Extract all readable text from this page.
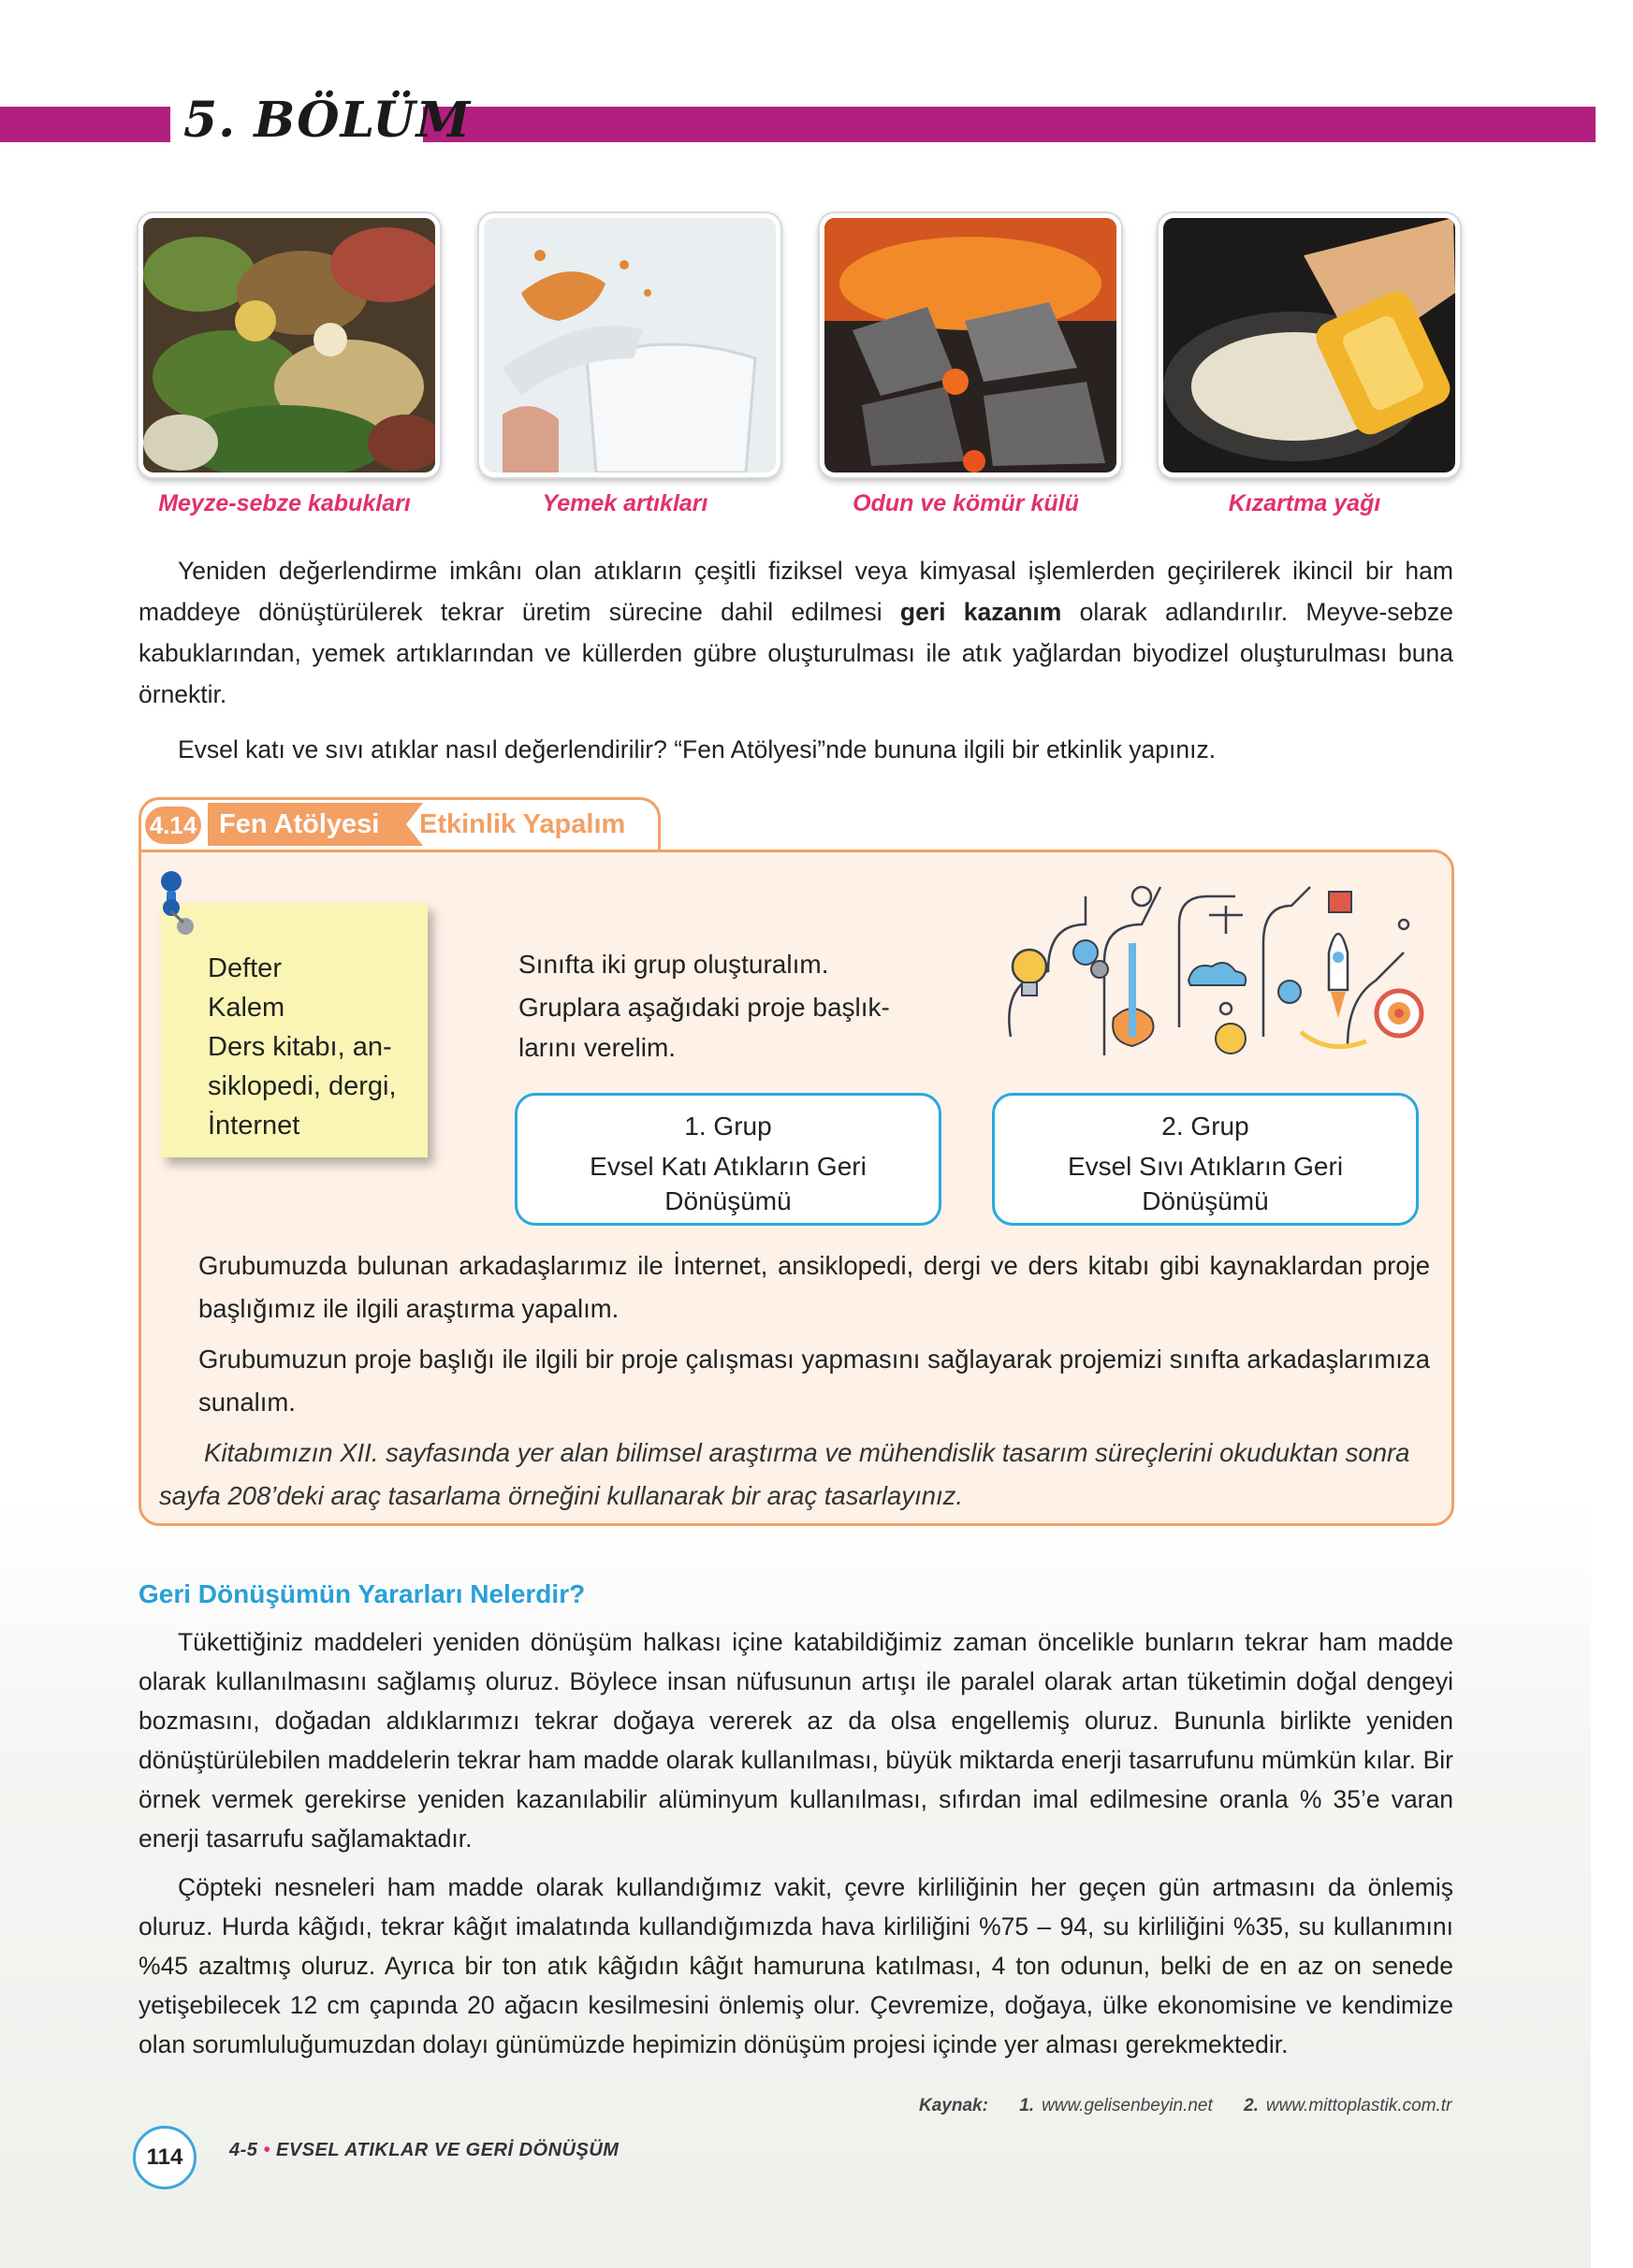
5. BÖLÜM
Meyze-sebze kabukları	Yemek artıkları	Odun ve kömür külü	Kızartma yağı
Yeniden değerlendirme imkânı olan atıkların çeşitli fiziksel veya kimyasal işlemlerden geçirilerek ikincil bir ham maddeye dönüştürülerek tekrar üretim sürecine dahil edilmesi geri kazanım olarak adlandırılır. Meyve-sebze kabuklarından, yemek artıklarından ve küllerden gübre oluşturulması ile atık yağlardan biyodizel oluşturulması buna örnektir.
Evsel katı ve sıvı atıklar nasıl değerlendirilir? “Fen Atölyesi”nde bununa ilgili bir etkinlik yapınız.
4.14 Fen Atölyesi	Etkinlik Yapalım
Defter
Kalem
Ders kitabı, an-
siklopedi, dergi,
İnternet
Sınıfta iki grup oluşturalım.
Gruplara aşağıdaki proje başlık-
larını verelim.
1. Grup
Evsel Katı Atıkların Geri
Dönüşümü
2. Grup
Evsel Sıvı Atıkların Geri
Dönüşümü
Grubumuzda bulunan arkadaşlarımız ile İnternet, ansiklopedi, dergi ve ders kitabı gibi kaynaklardan proje başlığımız ile ilgili araştırma yapalım.
Grubumuzun proje başlığı ile ilgili bir proje çalışması yapmasını sağlayarak projemizi sınıfta arkadaşlarımıza sunalım.
Kitabımızın XII. sayfasında yer alan bilimsel araştırma ve mühendislik tasarım süreçlerini okuduktan sonra sayfa 208’deki araç tasarlama örneğini kullanarak bir araç tasarlayınız.
Geri Dönüşümün Yararları Nelerdir?
Tükettiğiniz maddeleri yeniden dönüşüm halkası içine katabildiğimiz zaman öncelikle bunların tekrar ham madde olarak kullanılmasını sağlamış oluruz. Böylece insan nüfusunun artışı ile paralel olarak artan tüketimin doğal dengeyi bozmasını, doğadan aldıklarımızı tekrar doğaya vererek az da olsa engellemiş oluruz. Bununla birlikte yeniden dönüştürülebilen maddelerin tekrar ham madde olarak kullanılması, büyük miktarda enerji tasarrufunu mümkün kılar. Bir örnek vermek gerekirse yeniden kazanılabilir alüminyum kullanılması, sıfırdan imal edilmesine oranla % 35’e varan enerji tasarrufu sağlamaktadır.
Çöpteki nesneleri ham madde olarak kullandığımız vakit, çevre kirliliğinin her geçen gün artmasını da önlemiş oluruz. Hurda kâğıdı, tekrar kâğıt imalatında kullandığımızda hava kirliliğini %75 – 94, su kirliliğini %35, su kullanımını %45 azaltmış oluruz. Ayrıca bir ton atık kâğıdın kâğıt hamuruna katılması, 4 ton odunun, belki de en az on senede yetişebilecek 12 cm çapında 20 ağacın kesilmesini önlemiş olur. Çevremize, doğaya, ülke ekonomisine ve kendimize olan sorumluluğumuzdan dolayı günümüzde hepimizin dönüşüm projesi içinde yer alması gerekmektedir.
Kaynak: 1. www.gelisenbeyin.net 2. www.mittoplastik.com.tr
114	4-5 • EVSEL ATIKLAR VE GERİ DÖNÜŞÜM
